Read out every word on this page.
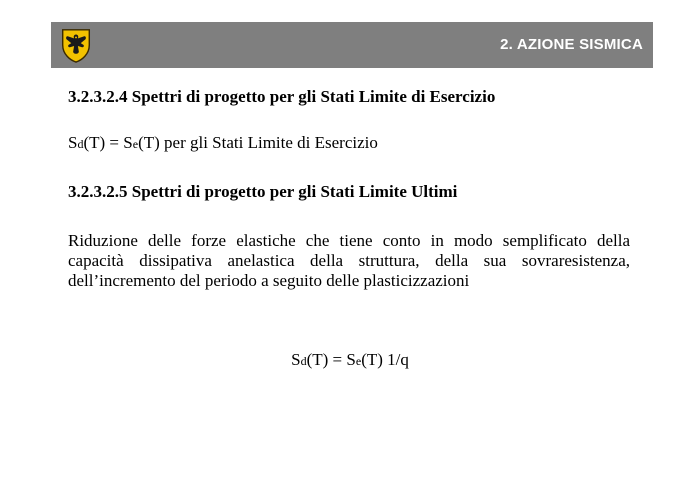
2. AZIONE SISMICA
3.2.3.2.4 Spettri di progetto per gli Stati Limite di Esercizio
Sd(T) = Se(T) per gli Stati Limite di Esercizio
3.2.3.2.5 Spettri di progetto per gli Stati Limite Ultimi
Riduzione delle forze elastiche che tiene conto in modo semplificato della capacità dissipativa anelastica della struttura, della sua sovraresistenza, dell’incremento del periodo a seguito delle plasticizzazioni
Sd(T) = Se(T) 1/q
